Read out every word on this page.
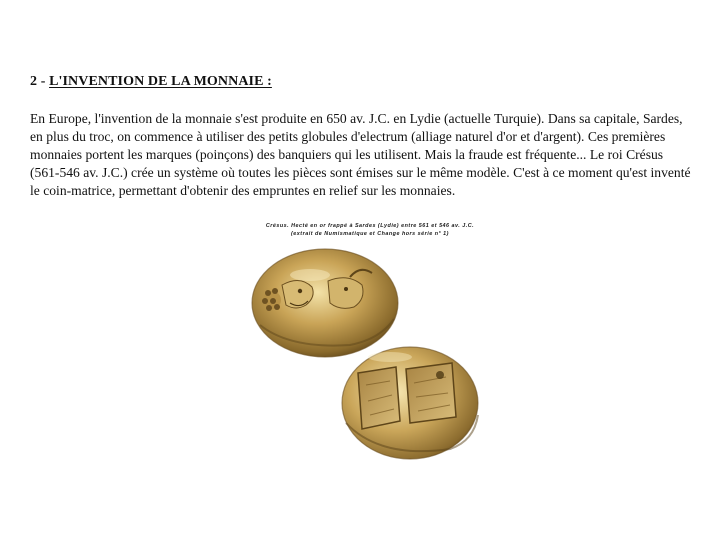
2 - L'INVENTION DE LA MONNAIE :

En Europe, l'invention de la monnaie s'est produite en 650 av. J.C. en Lydie (actuelle Turquie). Dans sa capitale, Sardes, en plus du troc, on commence à utiliser des petits globules d'electrum (alliage naturel d'or et d'argent). Ces premières monnaies portent les marques (poinçons) des banquiers qui les utilisent. Mais la fraude est fréquente... Le roi Crésus (561-546 av. J.C.) crée un système où toutes les pièces sont émises sur le même modèle. C'est à ce moment qu'est inventé le coin-matrice, permettant d'obtenir des empruntes en relief sur les monnaies.

Crésus. Hecté en or frappé à Sardes (Lydie) entre 561 et 546 av. J.C.
(extrait de Numismatique et Change hors série n° 1)
